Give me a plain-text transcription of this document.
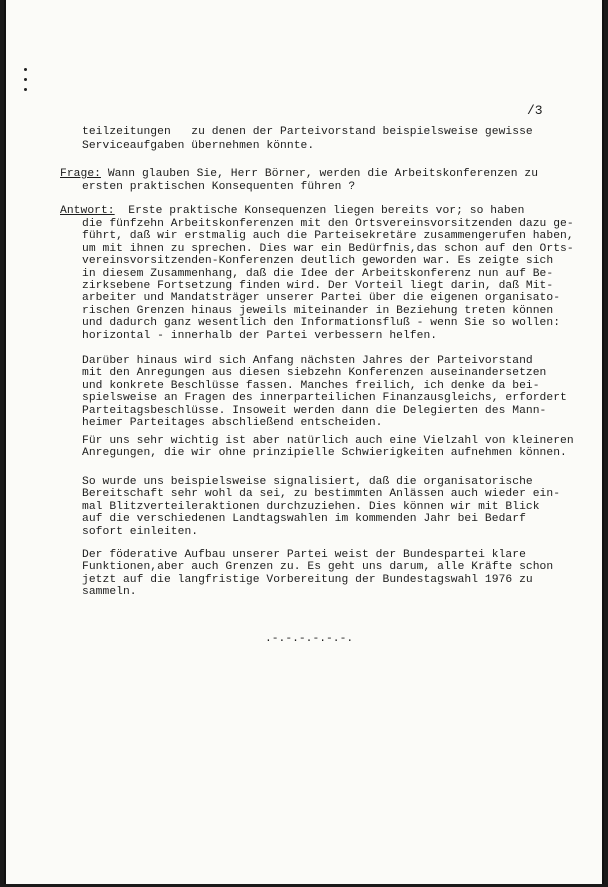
/3
teilzeitungen   zu denen der Parteivorstand beispielsweise gewisse
Serviceaufgaben übernehmen könnte.
Frage: Wann glauben Sie, Herr Börner, werden die Arbeitskonferenzen zu
ersten praktischen Konsequenten führen ?
Antwort:  Erste praktische Konsequenzen liegen bereits vor; so haben
die fünfzehn Arbeitskonferenzen mit den Ortsvereinsvorsitzenden dazu ge-
führt, daß wir erstmalig auch die Parteisekretäre zusammengerufen haben,
um mit ihnen zu sprechen. Dies war ein Bedürfnis,das schon auf den Orts-
vereinsvorsitzenden-Konferenzen deutlich geworden war. Es zeigte sich
in diesem Zusammenhang, daß die Idee der Arbeitskonferenz nun auf Be-
zirksebene Fortsetzung finden wird. Der Vorteil liegt darin, daß Mit-
arbeiter und Mandatsträger unserer Partei über die eigenen organisato-
rischen Grenzen hinaus jeweils miteinander in Beziehung treten können
und dadurch ganz wesentlich den Informationsfluß - wenn Sie so wollen:
horizontal - innerhalb der Partei verbessern helfen.
Darüber hinaus wird sich Anfang nächsten Jahres der Parteivorstand
mit den Anregungen aus diesen siebzehn Konferenzen auseinandersetzen
und konkrete Beschlüsse fassen. Manches freilich, ich denke da bei-
spielsweise an Fragen des innerparteilichen Finanzausgleichs, erfordert
Parteitagsbeschlüsse. Insoweit werden dann die Delegierten des Mann-
heimer Parteitages abschließend entscheiden.
Für uns sehr wichtig ist aber natürlich auch eine Vielzahl von kleineren
Anregungen, die wir ohne prinzipielle Schwierigkeiten aufnehmen können.
So wurde uns beispielsweise signalisiert, daß die organisatorische
Bereitschaft sehr wohl da sei, zu bestimmten Anlässen auch wieder ein-
mal Blitzverteileraktionen durchzuziehen. Dies können wir mit Blick
auf die verschiedenen Landtagswahlen im kommenden Jahr bei Bedarf
sofort einleiten.
Der föderative Aufbau unserer Partei weist der Bundespartei klare
Funktionen,aber auch Grenzen zu. Es geht uns darum, alle Kräfte schon
jetzt auf die langfristige Vorbereitung der Bundestagswahl 1976 zu
sammeln.
.-.-.-.-.-.-.
